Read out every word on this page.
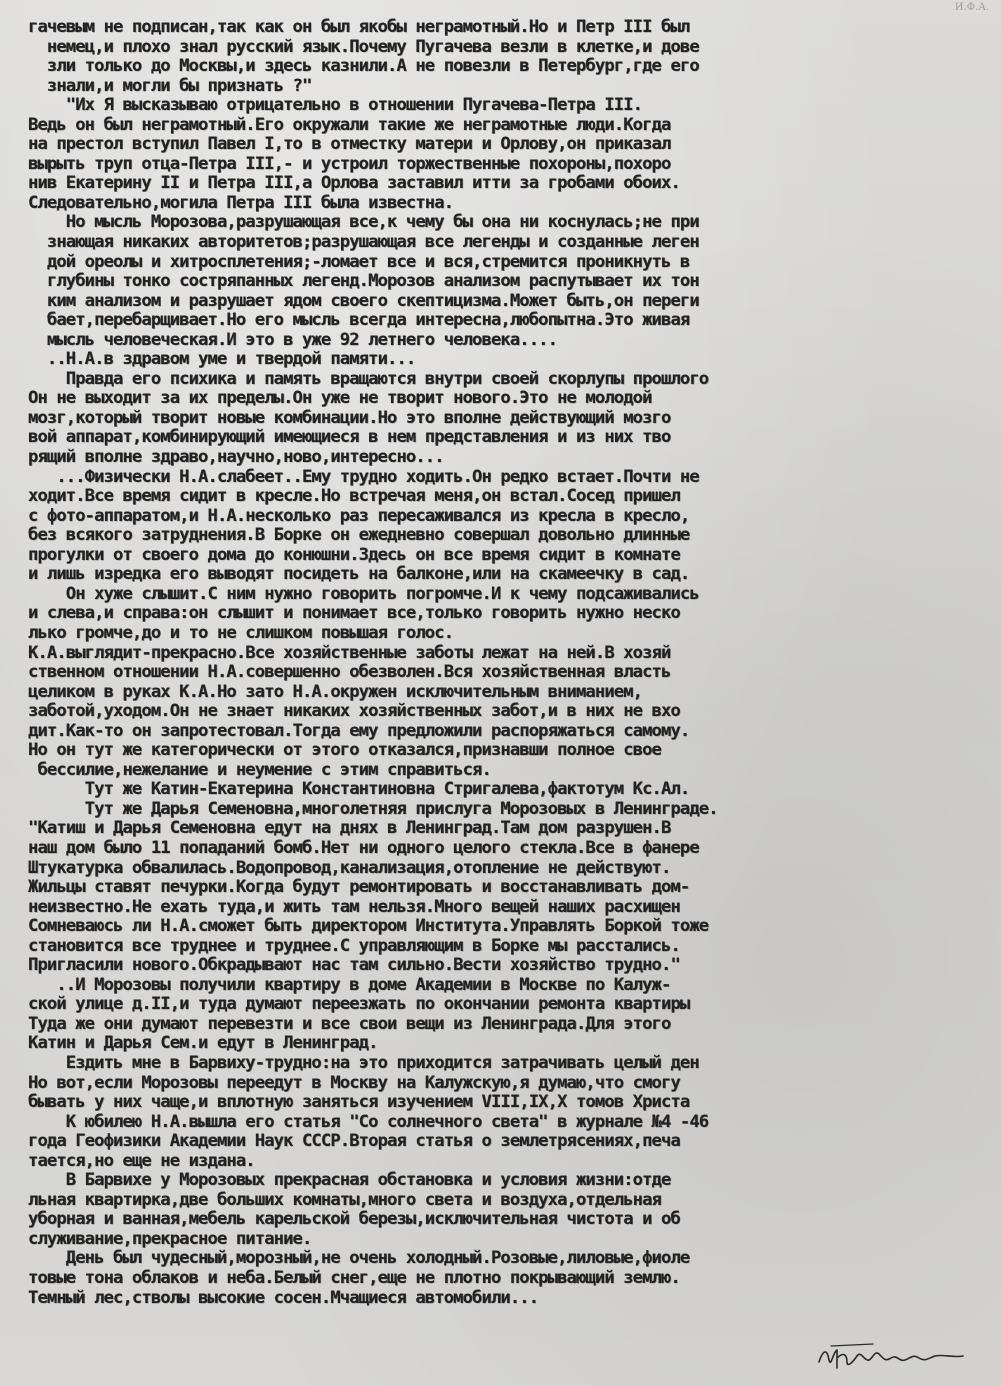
И.Ф.А.
гачевым не подписан,так как он был якобы неграмотный.Но и Петр III был
немец,и плохо знал русский язык.Почему Пугачева везли в клетке,и дове
зли только до Москвы,и здесь казнили.А не повезли в Петербург,где его
знали,и могли бы признать ?"
"Их Я высказываю отрицательно в отношении Пугачева-Петра III.
Ведь он был неграмотный.Его окружали такие же неграмотные люди.Когда
на престол вступил Павел I,то в отместку матери и Орлову,он приказал
вырыть труп отца-Петра III,- и устроил торжественные похороны,похоро
нив Екатерину II и Петра III,а Орлова заставил итти за гробами обоих.
Следовательно,могила Петра III была известна.
Но мысль Морозова,разрушающая все,к чему бы она ни коснулась;не при
знающая никаких авторитетов;разрушающая все легенды и созданные леген
дой ореолы и хитросплетения;-ломает все и вся,стремится проникнуть в
глубины тонко состряпанных легенд.Морозов анализом распутывает их тон
ким анализом и разрушает ядом своего скептицизма.Может быть,он переги
бает,перебарщивает.Но его мысль всегда интересна,любопытна.Это живая
мысль человеческая.И это в уже 92 летнего человека....
..Н.А.в здравом уме и твердой памяти...
Правда его психика и память вращаются внутри своей скорлупы прошлого
Он не выходит за их пределы.Он уже не творит нового.Это не молодой
мозг,который творит новые комбинации.Но это вполне действующий мозго
вой аппарат,комбинирующий имеющиеся в нем представления и из них тво
рящий вполне здраво,научно,ново,интересно...
...Физически Н.А.слабеет..Ему трудно ходить.Он редко встает.Почти не
ходит.Все время сидит в кресле.Но встречая меня,он встал.Сосед пришел
с фото-аппаратом,и Н.А.несколько раз пересаживался из кресла в кресло,
без всякого затруднения.В Борке он ежедневно совершал довольно длинные
прогулки от своего дома до конюшни.Здесь он все время сидит в комнате
и лишь изредка его выводят посидеть на балконе,или на скамеечку в сад.
Он хуже слышит.С ним нужно говорить погромче.И к чему подсаживались
и слева,и справа:он слышит и понимает все,только говорить нужно неско
лько громче,до и то не слишком повышая голос.
К.А.выглядит-прекрасно.Все хозяйственные заботы лежат на ней.В хозяй
ственном отношении Н.А.совершенно обезволен.Вся хозяйственная власть
целиком в руках К.А.Но зато Н.А.окружен исключительным вниманием,
заботой,уходом.Он не знает никаких хозяйственных забот,и в них не вхо
дит.Как-то он запротестовал.Тогда ему предложили распоряжаться самому.
Но он тут же категорически от этого отказался,признавши полное свое
бессилие,нежелание и неумение с этим справиться.
Тут же Катин-Екатерина Константиновна Стригалева,фактотум Кс.Ал.
Тут же Дарья Семеновна,многолетняя прислуга Морозовых в Ленинграде.
"Катиш и Дарья Семеновна едут на днях в Ленинград.Там дом разрушен.В
наш дом было 11 попаданий бомб.Нет ни одного целого стекла.Все в фанере
Штукатурка обвалилась.Водопровод,канализация,отопление не действуют.
Жильцы ставят печурки.Когда будут ремонтировать и восстанавливать дом-
неизвестно.Не ехать туда,и жить там нельзя.Много вещей наших расхищен
Сомневаюсь ли Н.А.сможет быть директором Института.Управлять Боркой тоже
становится все труднее и труднее.С управляющим в Борке мы расстались.
Пригласили нового.Обкрадывают нас там сильно.Вести хозяйство трудно."
..И Морозовы получили квартиру в доме Академии в Москве по Калуж-
ской улице д.II,и туда думают переезжать по окончании ремонта квартиры
Туда же они думают перевезти и все свои вещи из Ленинграда.Для этого
Катин и Дарья Сем.и едут в Ленинград.
Ездить мне в Барвиху-трудно:на это приходится затрачивать целый ден
Но вот,если Морозовы переедут в Москву на Калужскую,я думаю,что смогу
бывать у них чаще,и вплотную заняться изучением VIII,IX,X томов Христа
К юбилею Н.А.вышла его статья "Со солнечного света" в журнале №4 -46
года Геофизики Академии Наук СССР.Вторая статья о землетрясениях,печа
тается,но еще не издана.
В Барвихе у Морозовых прекрасная обстановка и условия жизни:отде
льная квартирка,две больших комнаты,много света и воздуха,отдельная
уборная и ванная,мебель карельской березы,исключительная чистота и об
служивание,прекрасное питание.
День был чудесный,морозный,не очень холодный.Розовые,лиловые,фиоле
товые тона облаков и неба.Белый снег,еще не плотно покрывающий землю.
Темный лес,стволы высокие сосен.Мчащиеся автомобили...
